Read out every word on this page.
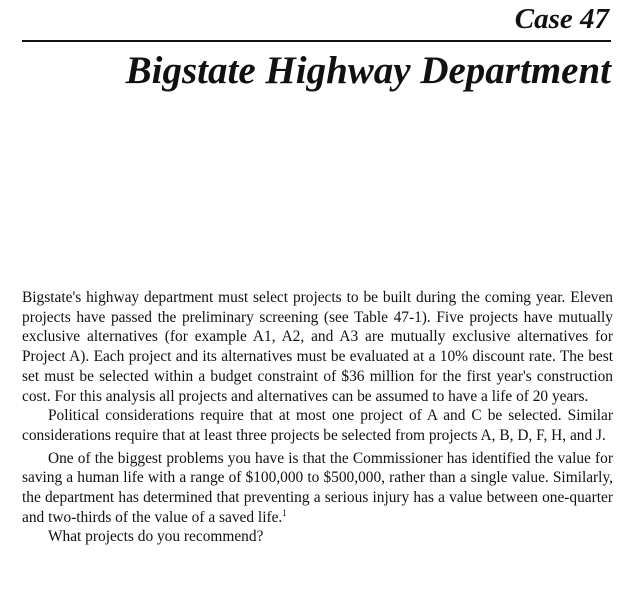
Case 47
Bigstate Highway Department

Bigstate's highway department must select projects to be built during the coming year. Eleven projects have passed the preliminary screening (see Table 47-1). Five projects have mutually exclusive alternatives (for example A1, A2, and A3 are mutually exclusive alternatives for Project A). Each project and its alternatives must be evaluated at a 10% discount rate. The best set must be selected within a budget constraint of $36 million for the first year's construction cost. For this analysis all projects and alternatives can be assumed to have a life of 20 years.

Political considerations require that at most one project of A and C be selected. Similar considerations require that at least three projects be selected from projects A, B, D, F, H, and J.

One of the biggest problems you have is that the Commissioner has identified the value for saving a human life with a range of $100,000 to $500,000, rather than a single value. Similarly, the department has determined that preventing a serious injury has a value between one-quarter and two-thirds of the value of a saved life.$^1$

What projects do you recommend?
